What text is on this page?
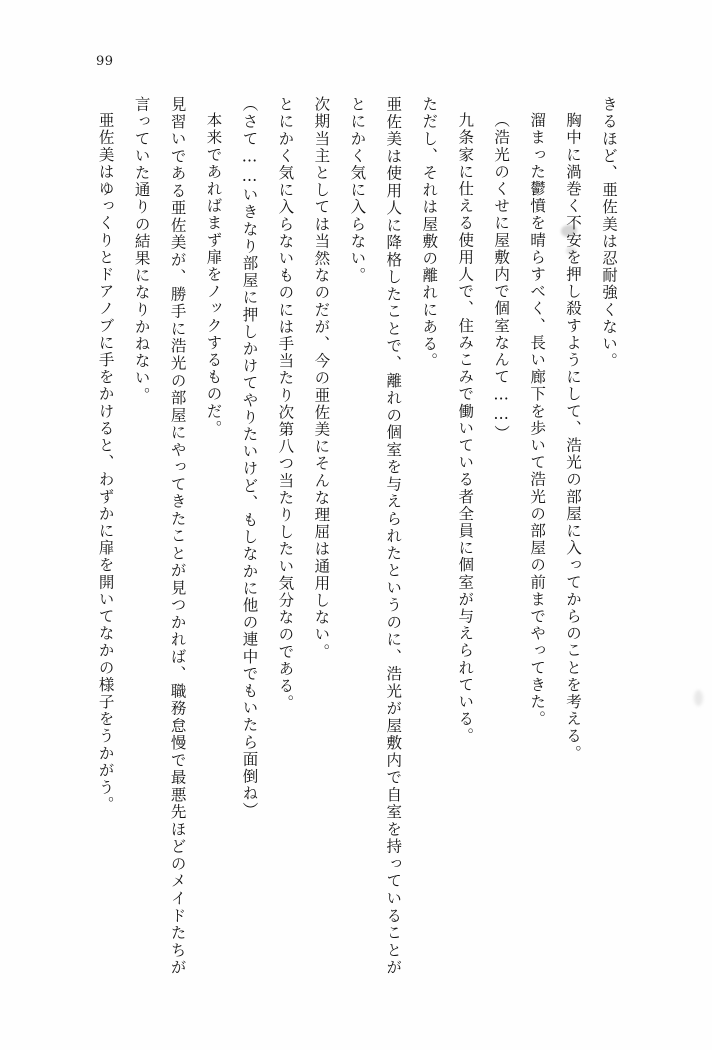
99

きるほど、亜佐美は忍耐強くない。

胸中に渦巻く不安を押し殺すようにして、浩光の部屋に入ってからのことを考える。

溜まった鬱憤を晴らすべく、長い廊下を歩いて浩光の部屋の前までやってきた。

（浩光のくせに屋敷内で個室なんて……）

九条家に仕える使用人で、住みこみで働いている者全員に個室が与えられている。

ただし、それは屋敷の離れにある。

亜佐美は使用人に降格したことで、離れの個室を与えられたというのに、浩光が屋敷内で自室を持っていることがとにかく気に入らない。

次期当主としては当然なのだが、今の亜佐美にそんな理屈は通用しない。

とにかく気に入らないものには手当たり次第八つ当たりしたい気分なのである。

（さて……いきなり部屋に押しかけてやりたいけど、もしなかに他の連中でもいたら面倒ね）

本来であればまず扉をノックするものだ。

見習いである亜佐美が、勝手に浩光の部屋にやってきたことが見つかれば、職務怠慢で最悪先ほどのメイドたちが言っていた通りの結果になりかねない。

亜佐美はゆっくりとドアノブに手をかけると、わずかに扉を開いてなかの様子をうかがう。
